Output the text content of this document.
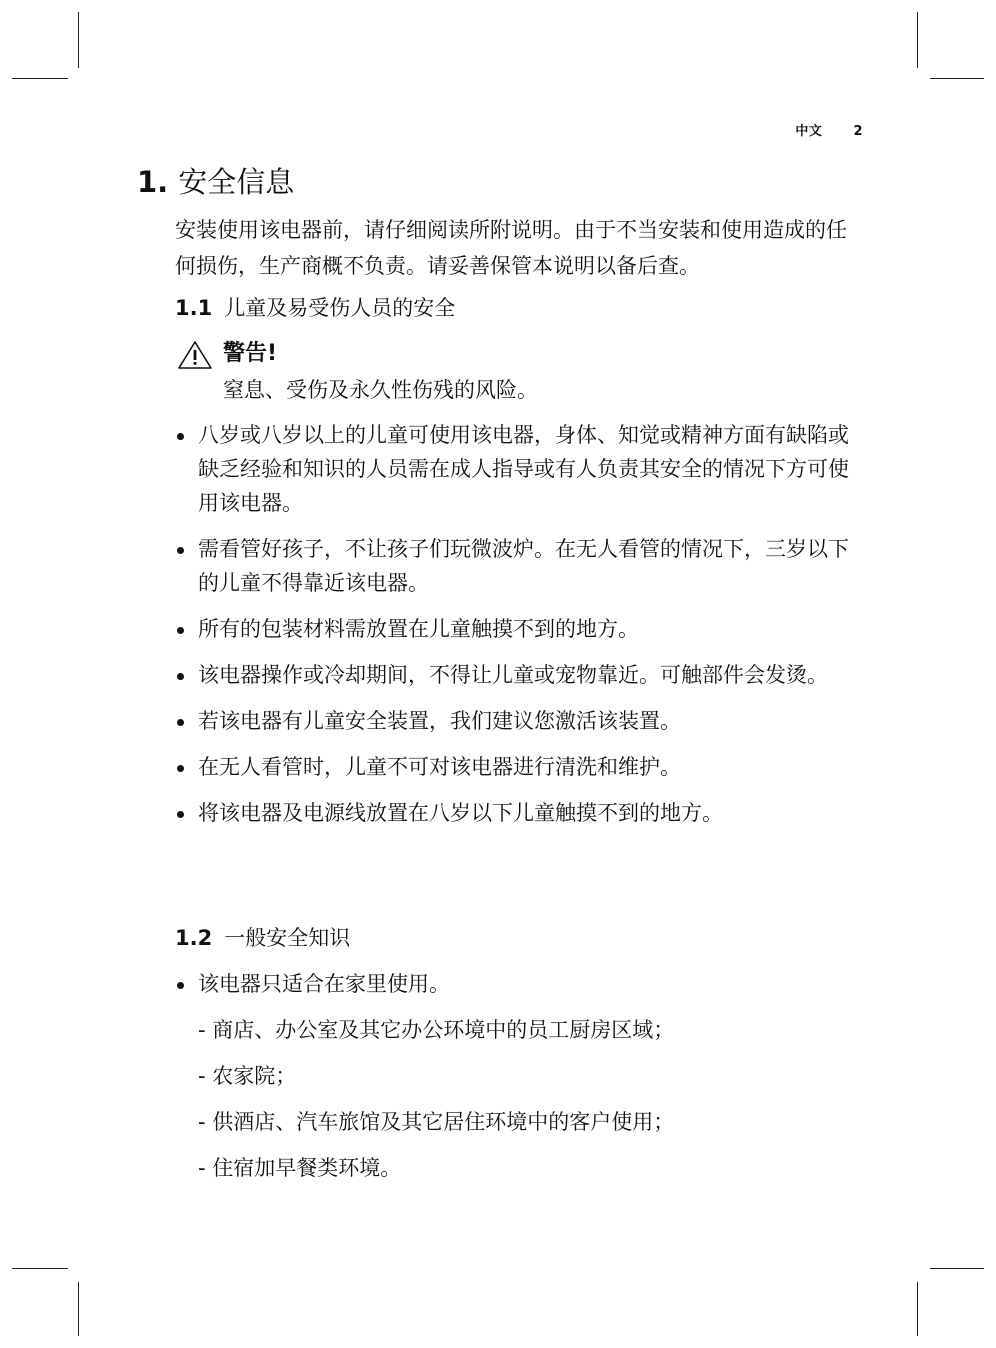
中文 2
1. 安全信息

安装使用该电器前，请仔细阅读所附说明。由于不当安装和使用造成的任何损伤，生产商概不负责。请妥善保管本说明以备后查。

1.1 儿童及易受伤人员的安全
警告!
窒息、受伤及永久性伤残的风险。
八岁或八岁以上的儿童可使用该电器，身体、知觉或精神方面有缺陷或缺乏经验和知识的人员需在成人指导或有人负责其安全的情况下方可使用该电器。
需看管好孩子，不让孩子们玩微波炉。在无人看管的情况下，三岁以下的儿童不得靠近该电器。
所有的包装材料需放置在儿童触摸不到的地方。
该电器操作或冷却期间，不得让儿童或宠物靠近。可触部件会发烫。
若该电器有儿童安全装置，我们建议您激活该装置。
在无人看管时，儿童不可对该电器进行清洗和维护。
将该电器及电源线放置在八岁以下儿童触摸不到的地方。
1.2 一般安全知识
该电器只适合在家里使用。
- 商店、办公室及其它办公环境中的员工厨房区域；
- 农家院；
- 供酒店、汽车旅馆及其它居住环境中的客户使用；
- 住宿加早餐类环境。
